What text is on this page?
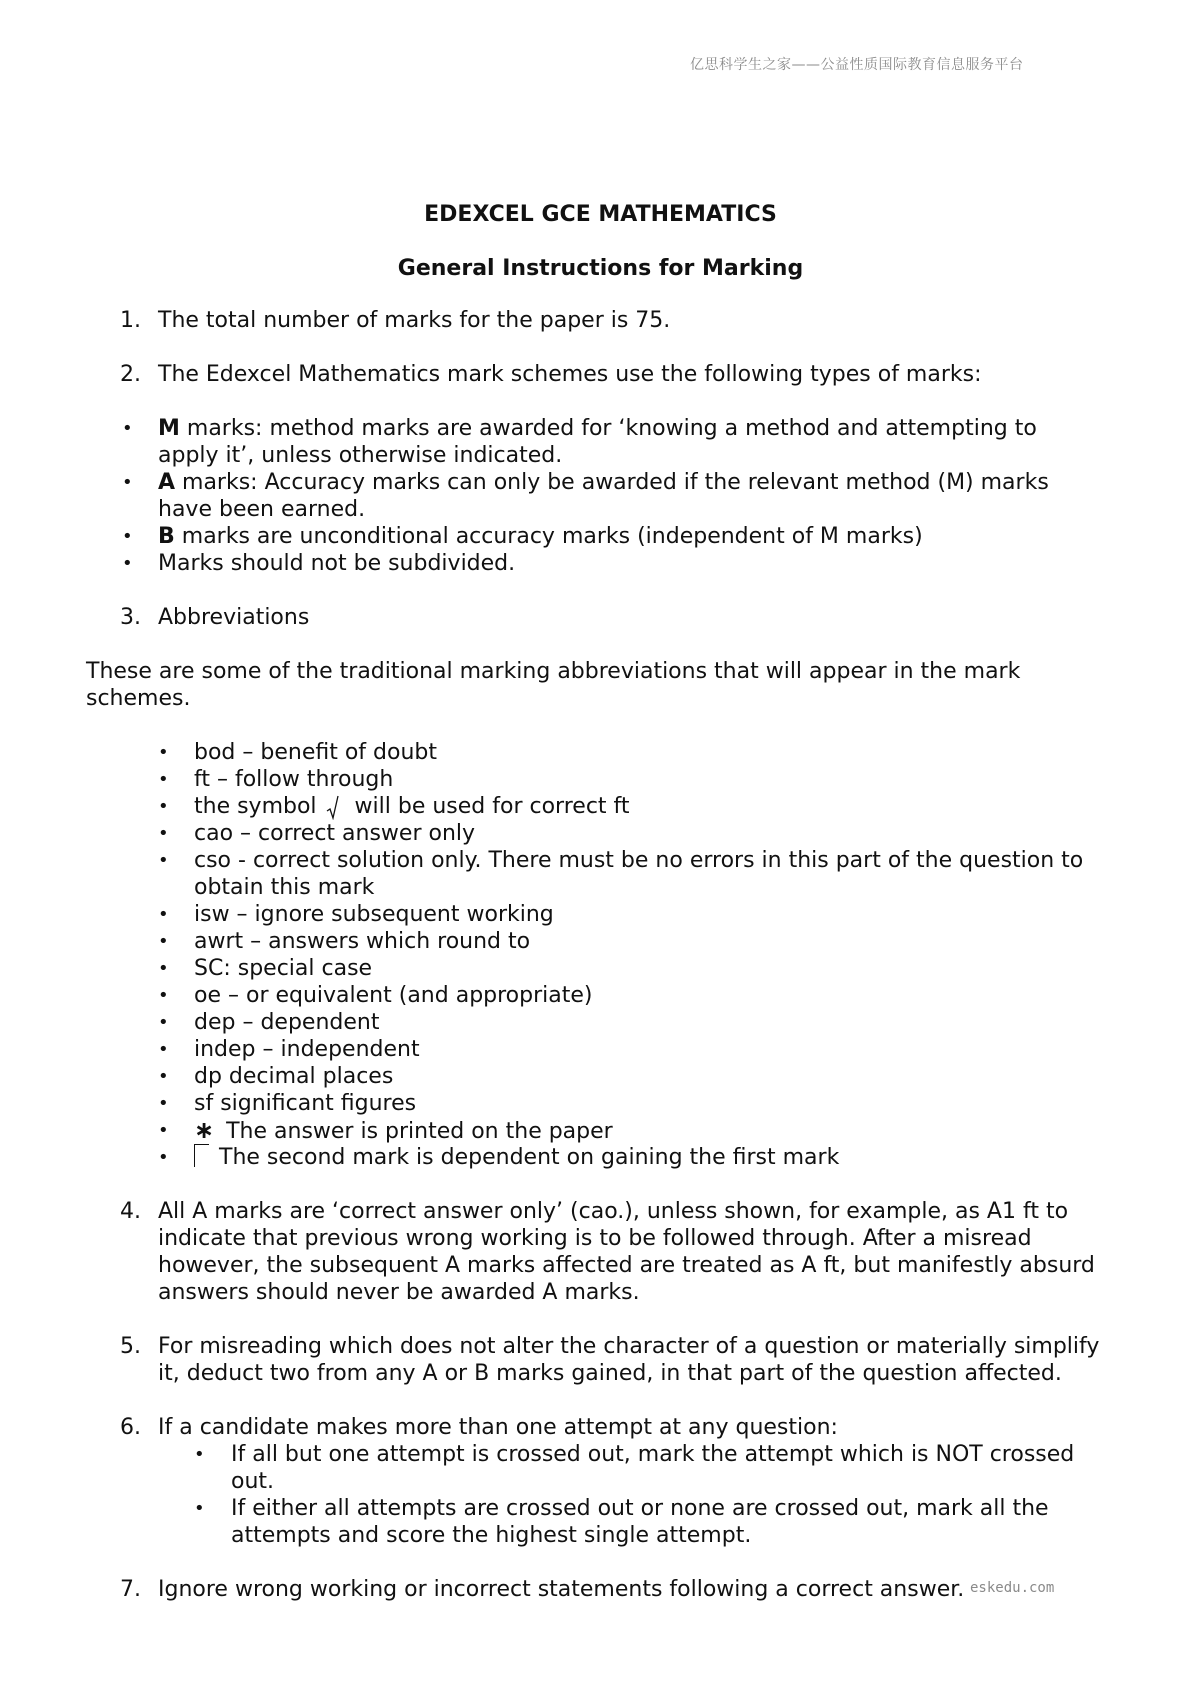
亿思科学生之家——公益性质国际教育信息服务平台
EDEXCEL GCE MATHEMATICS
General Instructions for Marking
1. The total number of marks for the paper is 75.
2. The Edexcel Mathematics mark schemes use the following types of marks:
• M marks: method marks are awarded for ‘knowing a method and attempting to
apply it’, unless otherwise indicated.
• A marks: Accuracy marks can only be awarded if the relevant method (M) marks
have been earned.
• B marks are unconditional accuracy marks (independent of M marks)
• Marks should not be subdivided.
3. Abbreviations
These are some of the traditional marking abbreviations that will appear in the mark
schemes.
• bod – benefit of doubt
• ft – follow through
• the symbol  will be used for correct ft
• cao – correct answer only
• cso - correct solution only. There must be no errors in this part of the question to
obtain this mark
• isw – ignore subsequent working
• awrt – answers which round to
• SC: special case
• oe – or equivalent (and appropriate)
• dep – dependent
• indep – independent
• dp decimal places
• sf significant figures
• ∗ The answer is printed on the paper
•	The second mark is dependent on gaining the first mark
4. All A marks are ‘correct answer only’ (cao.), unless shown, for example, as A1 ft to
indicate that previous wrong working is to be followed through. After a misread
however, the subsequent A marks affected are treated as A ft, but manifestly absurd
answers should never be awarded A marks.
5. For misreading which does not alter the character of a question or materially simplify
it, deduct two from any A or B marks gained, in that part of the question affected.
6. If a candidate makes more than one attempt at any question:
• If all but one attempt is crossed out, mark the attempt which is NOT crossed
out.
• If either all attempts are crossed out or none are crossed out, mark all the
attempts and score the highest single attempt.
7. Ignore wrong working or incorrect statements following a correct answer. eskedu.com
